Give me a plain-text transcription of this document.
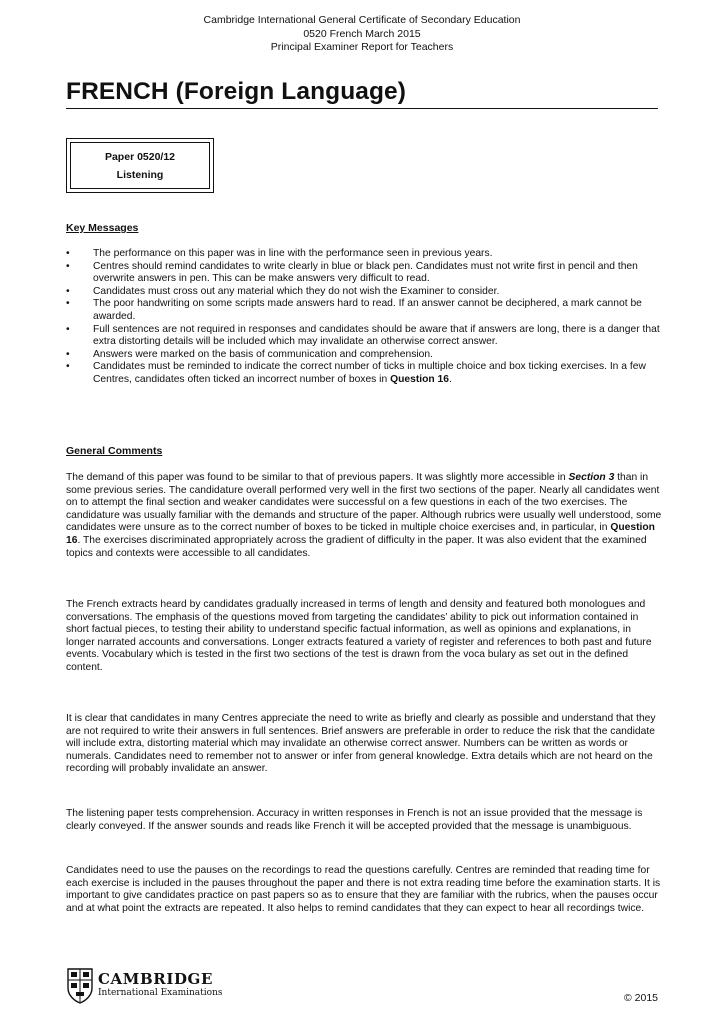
Cambridge International General Certificate of Secondary Education
0520 French March 2015
Principal Examiner Report for Teachers
FRENCH (Foreign Language)
Paper 0520/12
Listening
Key Messages
• The performance on this paper was in line with the performance seen in previous years.
• Centres should remind candidates to write clearly in blue or black pen. Candidates must not write first in pencil and then overwrite answers in pen. This can be make answers very difficult to read.
• Candidates must cross out any material which they do not wish the Examiner to consider.
• The poor handwriting on some scripts made answers hard to read. If an answer cannot be deciphered, a mark cannot be awarded.
• Full sentences are not required in responses and candidates should be aware that if answers are long, there is a danger that extra distorting details will be included which may invalidate an otherwise correct answer.
• Answers were marked on the basis of communication and comprehension.
• Candidates must be reminded to indicate the correct number of ticks in multiple choice and box ticking exercises. In a few Centres, candidates often ticked an incorrect number of boxes in Question 16.
General Comments

The demand of this paper was found to be similar to that of previous papers. It was slightly more accessible in Section 3 than in some previous series. The candidature overall performed very well in the first two sections of the paper. Nearly all candidates went on to attempt the final section and weaker candidates were successful on a few questions in each of the two exercises. The candidature was usually familiar with the demands and structure of the paper. Although rubrics were usually well understood, some candidates were unsure as to the correct number of boxes to be ticked in multiple choice exercises and, in particular, in Question 16. The exercises discriminated appropriately across the gradient of difficulty in the paper. It was also evident that the examined topics and contexts were accessible to all candidates.

The French extracts heard by candidates gradually increased in terms of length and density and featured both monologues and conversations. The emphasis of the questions moved from targeting the candidates’ ability to pick out information contained in short factual pieces, to testing their ability to understand specific factual information, as well as opinions and explanations, in longer narrated accounts and conversations. Longer extracts featured a variety of register and references to both past and future events. Vocabulary which is tested in the first two sections of the test is drawn from the voca bulary as set out in the defined content.

It is clear that candidates in many Centres appreciate the need to write as briefly and clearly as possible and understand that they are not required to write their answers in full sentences. Brief answers are preferable in order to reduce the risk that the candidate will include extra, distorting material which may invalidate an otherwise correct answer. Numbers can be written as words or numerals. Candidates need to remember not to answer or infer from general knowledge. Extra details which are not heard on the recording will probably invalidate an answer.

The listening paper tests comprehension. Accuracy in written responses in French is not an issue provided that the message is clearly conveyed. If the answer sounds and reads like French it will be accepted provided that the message is unambiguous.

Candidates need to use the pauses on the recordings to read the questions carefully. Centres are reminded that reading time for each exercise is included in the pauses throughout the paper and there is not extra reading time before the examination starts. It is important to give candidates practice on past papers so as to ensure that they are familiar with the rubrics, when the pauses occur and at what point the extracts are repeated. It also helps to remind candidates that they can expect to hear all recordings twice.

CAMBRIDGE
International Examinations	© 2015
